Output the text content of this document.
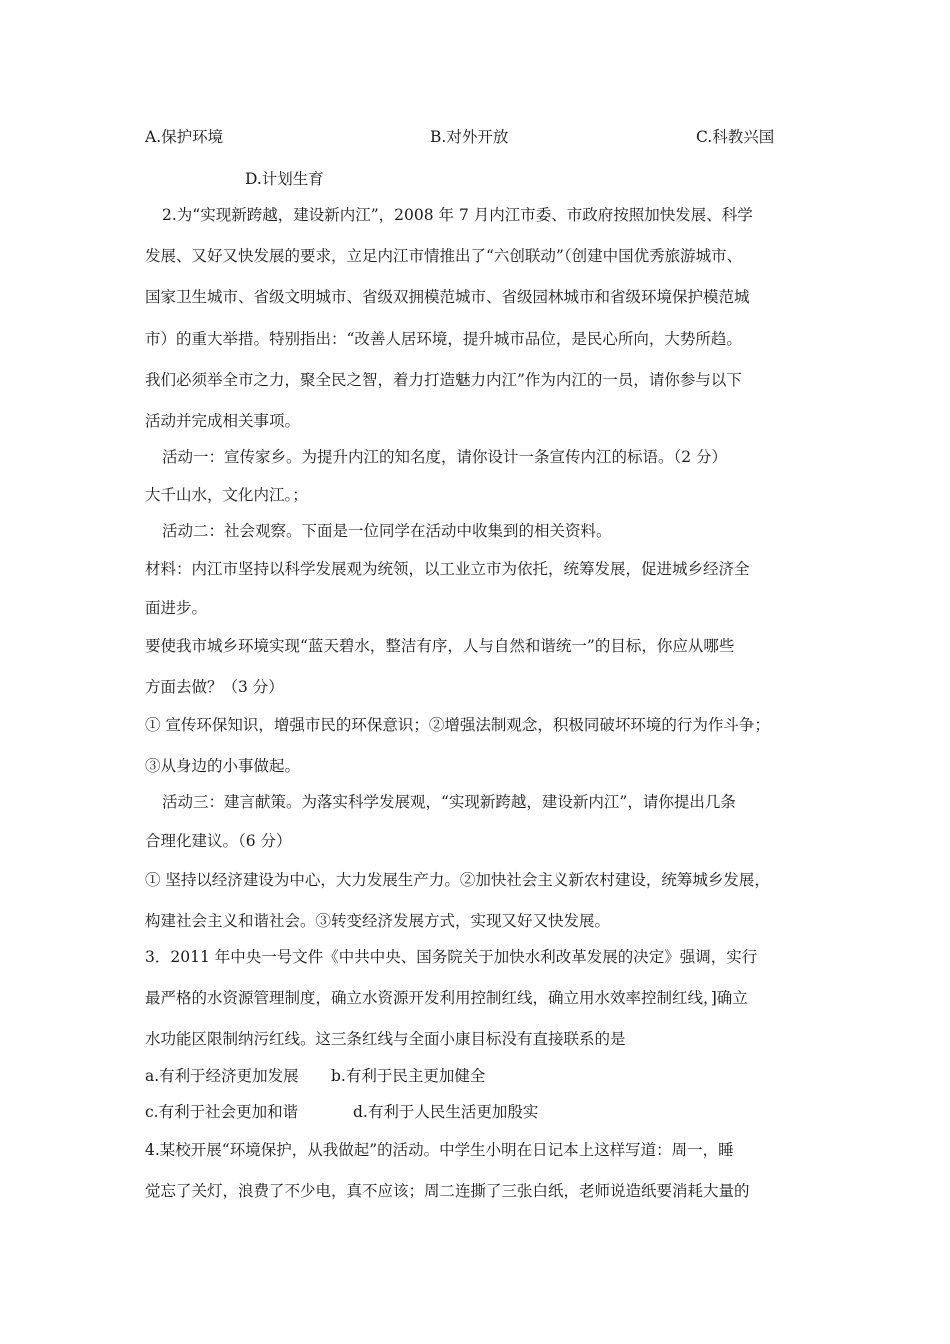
A.保护环境	B.对外开放	C.科教兴国
D.计划生育
2.为“实现新跨越，建设新内江”，2008 年 7 月内江市委、市政府按照加快发展、科学
发展、又好又快发展的要求，立足内江市情推出了“六创联动”（创建中国优秀旅游城市、
国家卫生城市、省级文明城市、省级双拥模范城市、省级园林城市和省级环境保护模范城
市）的重大举措。特别指出：“改善人居环境，提升城市品位，是民心所向，大势所趋。
我们必须举全市之力，聚全民之智，着力打造魅力内江”作为内江的一员，请你参与以下
活动并完成相关事项。
活动一：宣传家乡。为提升内江的知名度，请你设计一条宣传内江的标语。（2 分）
大千山水，文化内江。；
活动二：社会观察。下面是一位同学在活动中收集到的相关资料。
材料：内江市坚持以科学发展观为统领，以工业立市为依托，统筹发展，促进城乡经济全
面进步。
要使我市城乡环境实现“蓝天碧水，整洁有序，人与自然和谐统一”的目标，你应从哪些
方面去做？（3 分）
① 宣传环保知识，增强市民的环保意识；②增强法制观念，积极同破坏环境的行为作斗争；
③从身边的小事做起。
活动三：建言献策。为落实科学发展观，“实现新跨越，建设新内江”，请你提出几条
合理化建议。（6 分）
① 坚持以经济建设为中心，大力发展生产力。②加快社会主义新农村建设，统筹城乡发展，
构建社会主义和谐社会。③转变经济发展方式，实现又好又快发展。
3．2011 年中央一号文件《中共中央、国务院关于加快水利改革发展的决定》强调，实行
最严格的水资源管理制度，确立水资源开发利用控制红线，确立用水效率控制红线，]确立
水功能区限制纳污红线。这三条红线与全面小康目标没有直接联系的是
a.有利于经济更加发展 b.有利于民主更加健全
c.有利于社会更加和谐	d.有利于人民生活更加殷实
4.某校开展“环境保护，从我做起”的活动。中学生小明在日记本上这样写道：周一，睡
觉忘了关灯，浪费了不少电，真不应该；周二连撕了三张白纸，老师说造纸要消耗大量的
